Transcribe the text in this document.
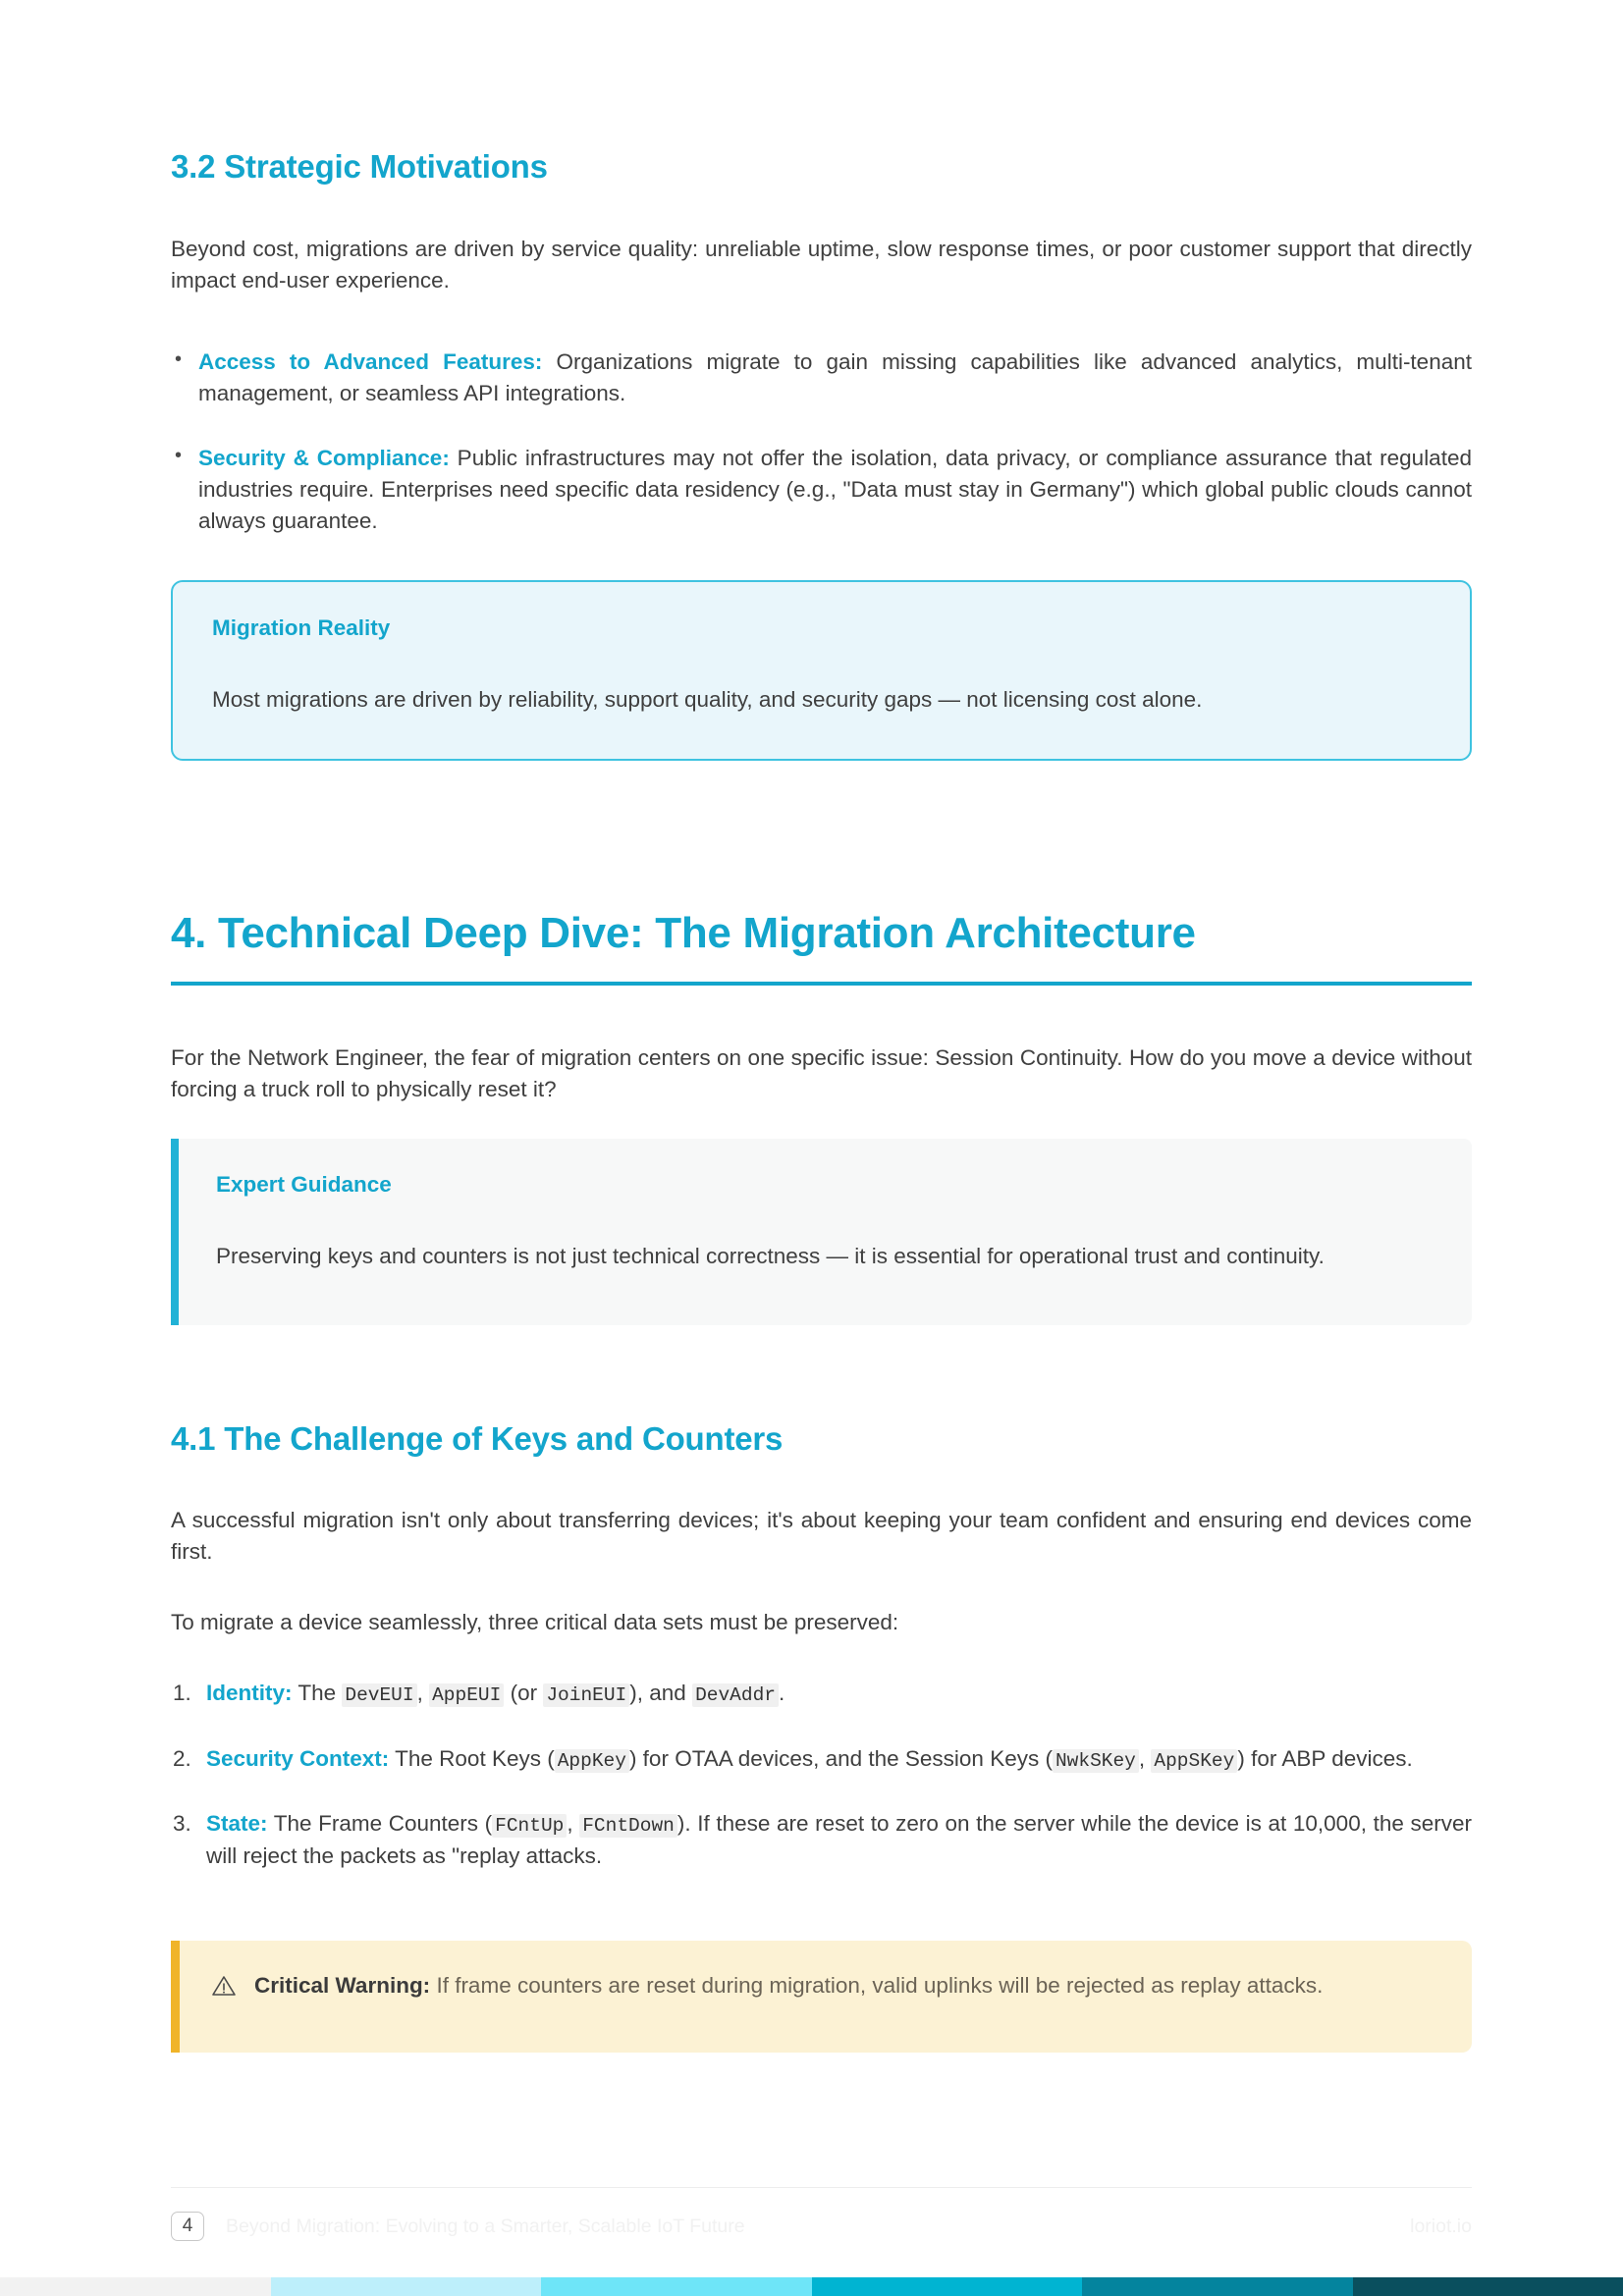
3.2 Strategic Motivations

Beyond cost, migrations are driven by service quality: unreliable uptime, slow response times, or poor customer support that directly impact end-user experience.

• Access to Advanced Features: Organizations migrate to gain missing capabilities like advanced analytics, multi-tenant management, or seamless API integrations.
• Security & Compliance: Public infrastructures may not offer the isolation, data privacy, or compliance assurance that regulated industries require. Enterprises need specific data residency (e.g., "Data must stay in Germany") which global public clouds cannot always guarantee.

Migration Reality

Most migrations are driven by reliability, support quality, and security gaps — not licensing cost alone.

4. Technical Deep Dive: The Migration Architecture

For the Network Engineer, the fear of migration centers on one specific issue: Session Continuity. How do you move a device without forcing a truck roll to physically reset it?

Expert Guidance

Preserving keys and counters is not just technical correctness — it is essential for operational trust and continuity.

4.1 The Challenge of Keys and Counters

A successful migration isn't only about transferring devices; it's about keeping your team confident and ensuring end devices come first.

To migrate a device seamlessly, three critical data sets must be preserved:

Identity: The DevEUI , AppEUI (or JoinEUI ), and DevAddr .
Security Context: The Root Keys ( AppKey ) for OTAA devices, and the Session Keys ( NwkSKey , AppSKey ) for ABP devices.
State: The Frame Counters ( FCntUp , FCntDown ). If these are reset to zero on the server while the device is at 10,000, the server will reject the packets as "replay attacks.

Critical Warning: If frame counters are reset during migration, valid uplinks will be rejected as replay attacks.

4	Beyond Migration: Evolving to a Smarter, Scalable IoT Future	loriot.io
